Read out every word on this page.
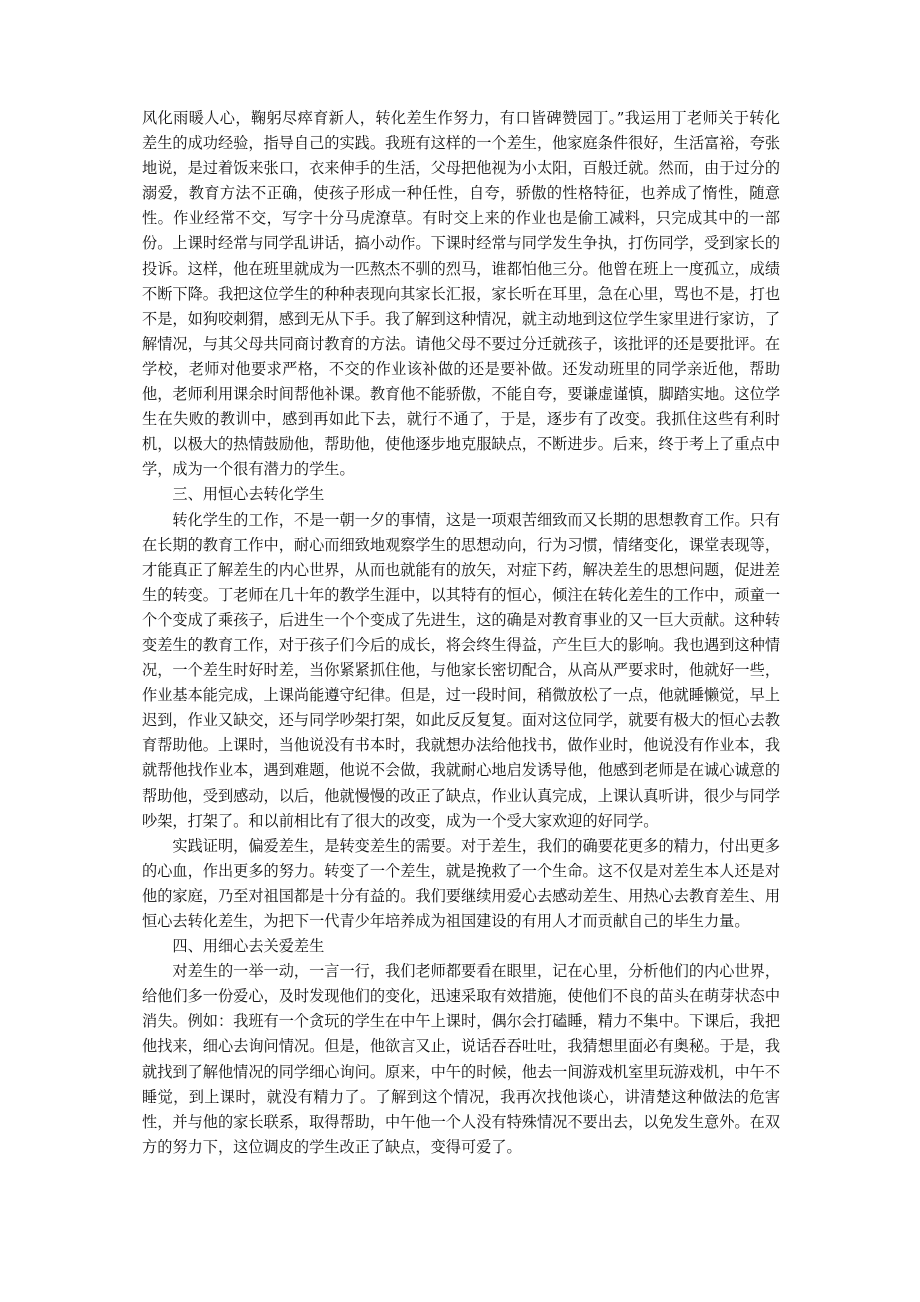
风化雨暖人心，鞠躬尽瘁育新人，转化差生作努力，有口皆碑赞园丁。”我运用丁老师关于转化差生的成功经验，指导自己的实践。我班有这样的一个差生，他家庭条件很好，生活富裕，夸张地说，是过着饭来张口，衣来伸手的生活，父母把他视为小太阳，百般迁就。然而，由于过分的溺爱，教育方法不正确，使孩子形成一种任性，自夸，骄傲的性格特征，也养成了惰性，随意性。作业经常不交，写字十分马虎潦草。有时交上来的作业也是偷工减料，只完成其中的一部份。上课时经常与同学乱讲话，搞小动作。下课时经常与同学发生争执，打伤同学，受到家长的投诉。这样，他在班里就成为一匹熬杰不驯的烈马，谁都怕他三分。他曾在班上一度孤立，成绩不断下降。我把这位学生的种种表现向其家长汇报，家长听在耳里，急在心里，骂也不是，打也不是，如狗咬刺猬，感到无从下手。我了解到这种情况，就主动地到这位学生家里进行家访，了解情况，与其父母共同商讨教育的方法。请他父母不要过分迁就孩子，该批评的还是要批评。在学校，老师对他要求严格，不交的作业该补做的还是要补做。还发动班里的同学亲近他，帮助他，老师利用课余时间帮他补课。教育他不能骄傲，不能自夸，要谦虚谨慎，脚踏实地。这位学生在失败的教训中，感到再如此下去，就行不通了，于是，逐步有了改变。我抓住这些有利时机，以极大的热情鼓励他，帮助他，使他逐步地克服缺点，不断进步。后来，终于考上了重点中学，成为一个很有潜力的学生。

三、用恒心去转化学生

转化学生的工作，不是一朝一夕的事情，这是一项艰苦细致而又长期的思想教育工作。只有在长期的教育工作中，耐心而细致地观察学生的思想动向，行为习惯，情绪变化，课堂表现等，才能真正了解差生的内心世界，从而也就能有的放矢，对症下药，解决差生的思想问题，促进差生的转变。丁老师在几十年的教学生涯中，以其特有的恒心，倾注在转化差生的工作中，顽童一个个变成了乘孩子，后进生一个个变成了先进生，这的确是对教育事业的又一巨大贡献。这种转变差生的教育工作，对于孩子们今后的成长，将会终生得益，产生巨大的影响。我也遇到这种情况，一个差生时好时差，当你紧紧抓住他，与他家长密切配合，从高从严要求时，他就好一些，作业基本能完成，上课尚能遵守纪律。但是，过一段时间，稍微放松了一点，他就睡懒觉，早上迟到，作业又缺交，还与同学吵架打架，如此反反复复。面对这位同学，就要有极大的恒心去教育帮助他。上课时，当他说没有书本时，我就想办法给他找书，做作业时，他说没有作业本，我就帮他找作业本，遇到难题，他说不会做，我就耐心地启发诱导他，他感到老师是在诚心诚意的帮助他，受到感动，以后，他就慢慢的改正了缺点，作业认真完成，上课认真听讲，很少与同学吵架，打架了。和以前相比有了很大的改变，成为一个受大家欢迎的好同学。

实践证明，偏爱差生，是转变差生的需要。对于差生，我们的确要花更多的精力，付出更多的心血，作出更多的努力。转变了一个差生，就是挽救了一个生命。这不仅是对差生本人还是对他的家庭，乃至对祖国都是十分有益的。我们要继续用爱心去感动差生、用热心去教育差生、用恒心去转化差生，为把下一代青少年培养成为祖国建设的有用人才而贡献自己的毕生力量。

四、用细心去关爱差生

对差生的一举一动，一言一行，我们老师都要看在眼里，记在心里，分析他们的内心世界，给他们多一份爱心，及时发现他们的变化，迅速采取有效措施，使他们不良的苗头在萌芽状态中消失。例如：我班有一个贪玩的学生在中午上课时，偶尔会打磕睡，精力不集中。下课后，我把他找来，细心去询问情况。但是，他欲言又止，说话吞吞吐吐，我猜想里面必有奥秘。于是，我就找到了解他情况的同学细心询问。原来，中午的时候，他去一间游戏机室里玩游戏机，中午不睡觉，到上课时，就没有精力了。了解到这个情况，我再次找他谈心，讲清楚这种做法的危害性，并与他的家长联系，取得帮助，中午他一个人没有特殊情况不要出去，以免发生意外。在双方的努力下，这位调皮的学生改正了缺点，变得可爱了。
